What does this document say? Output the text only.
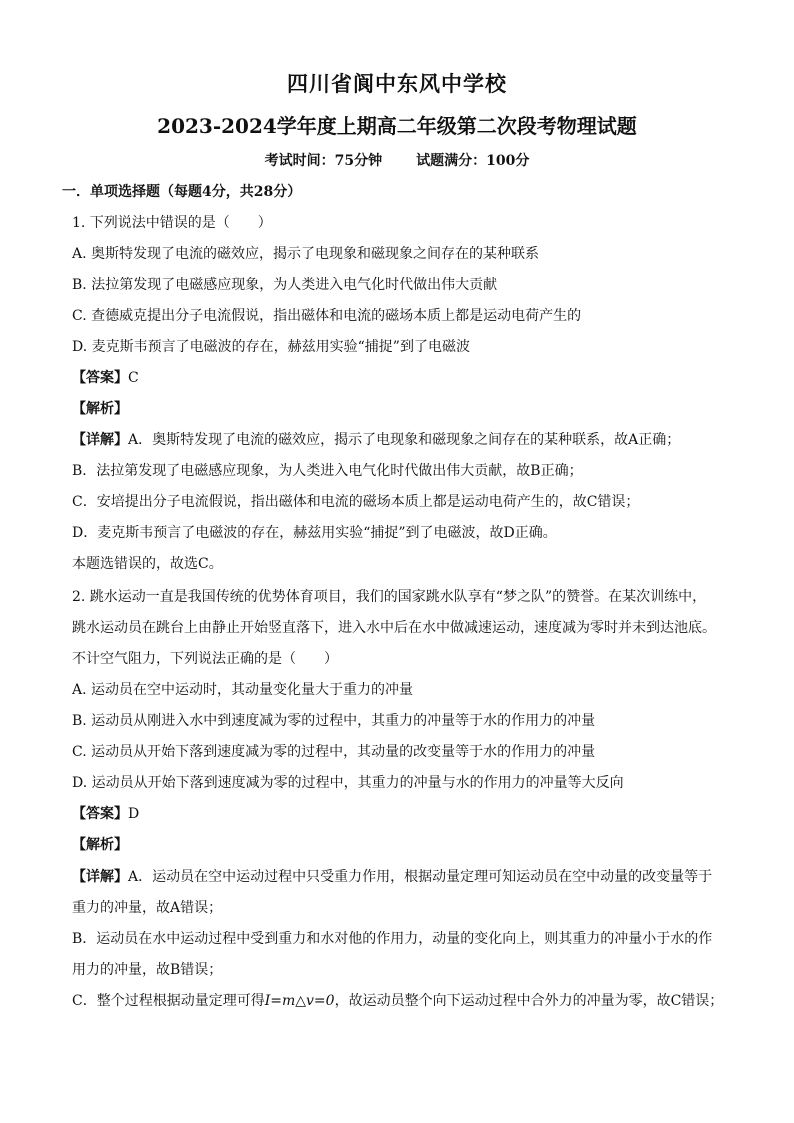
四川省阆中东风中学校
2023-2024学年度上期高二年级第二次段考物理试题
考试时间：75分钟 试题满分：100分
一．单项选择题（每题4分，共28分）
1. 下列说法中错误的是（　　）
A. 奥斯特发现了电流的磁效应，揭示了电现象和磁现象之间存在的某种联系
B. 法拉第发现了电磁感应现象，为人类进入电气化时代做出伟大贡献
C. 查德威克提出分子电流假说，指出磁体和电流的磁场本质上都是运动电荷产生的
D. 麦克斯韦预言了电磁波的存在，赫兹用实验“捕捉”到了电磁波
【答案】C
【解析】
【详解】A．奥斯特发现了电流的磁效应，揭示了电现象和磁现象之间存在的某种联系，故A正确；
B．法拉第发现了电磁感应现象，为人类进入电气化时代做出伟大贡献，故B正确；
C．安培提出分子电流假说，指出磁体和电流的磁场本质上都是运动电荷产生的，故C错误；
D．麦克斯韦预言了电磁波的存在，赫兹用实验“捕捉”到了电磁波，故D正确。
本题选错误的，故选C。
2. 跳水运动一直是我国传统的优势体育项目，我们的国家跳水队享有“梦之队”的赞誉。在某次训练中，
跳水运动员在跳台上由静止开始竖直落下，进入水中后在水中做减速运动，速度减为零时并未到达池底。
不计空气阻力，下列说法正确的是（　　）
A. 运动员在空中运动时，其动量变化量大于重力的冲量
B. 运动员从刚进入水中到速度减为零的过程中，其重力的冲量等于水的作用力的冲量
C. 运动员从开始下落到速度减为零的过程中，其动量的改变量等于水的作用力的冲量
D. 运动员从开始下落到速度减为零的过程中，其重力的冲量与水的作用力的冲量等大反向
【答案】D
【解析】
【详解】A．运动员在空中运动过程中只受重力作用，根据动量定理可知运动员在空中动量的改变量等于
重力的冲量，故A错误；
B．运动员在水中运动过程中受到重力和水对他的作用力，动量的变化向上，则其重力的冲量小于水的作
用力的冲量，故B错误；
C．整个过程根据动量定理可得I=m△v=0，故运动员整个向下运动过程中合外力的冲量为零，故C错误；
